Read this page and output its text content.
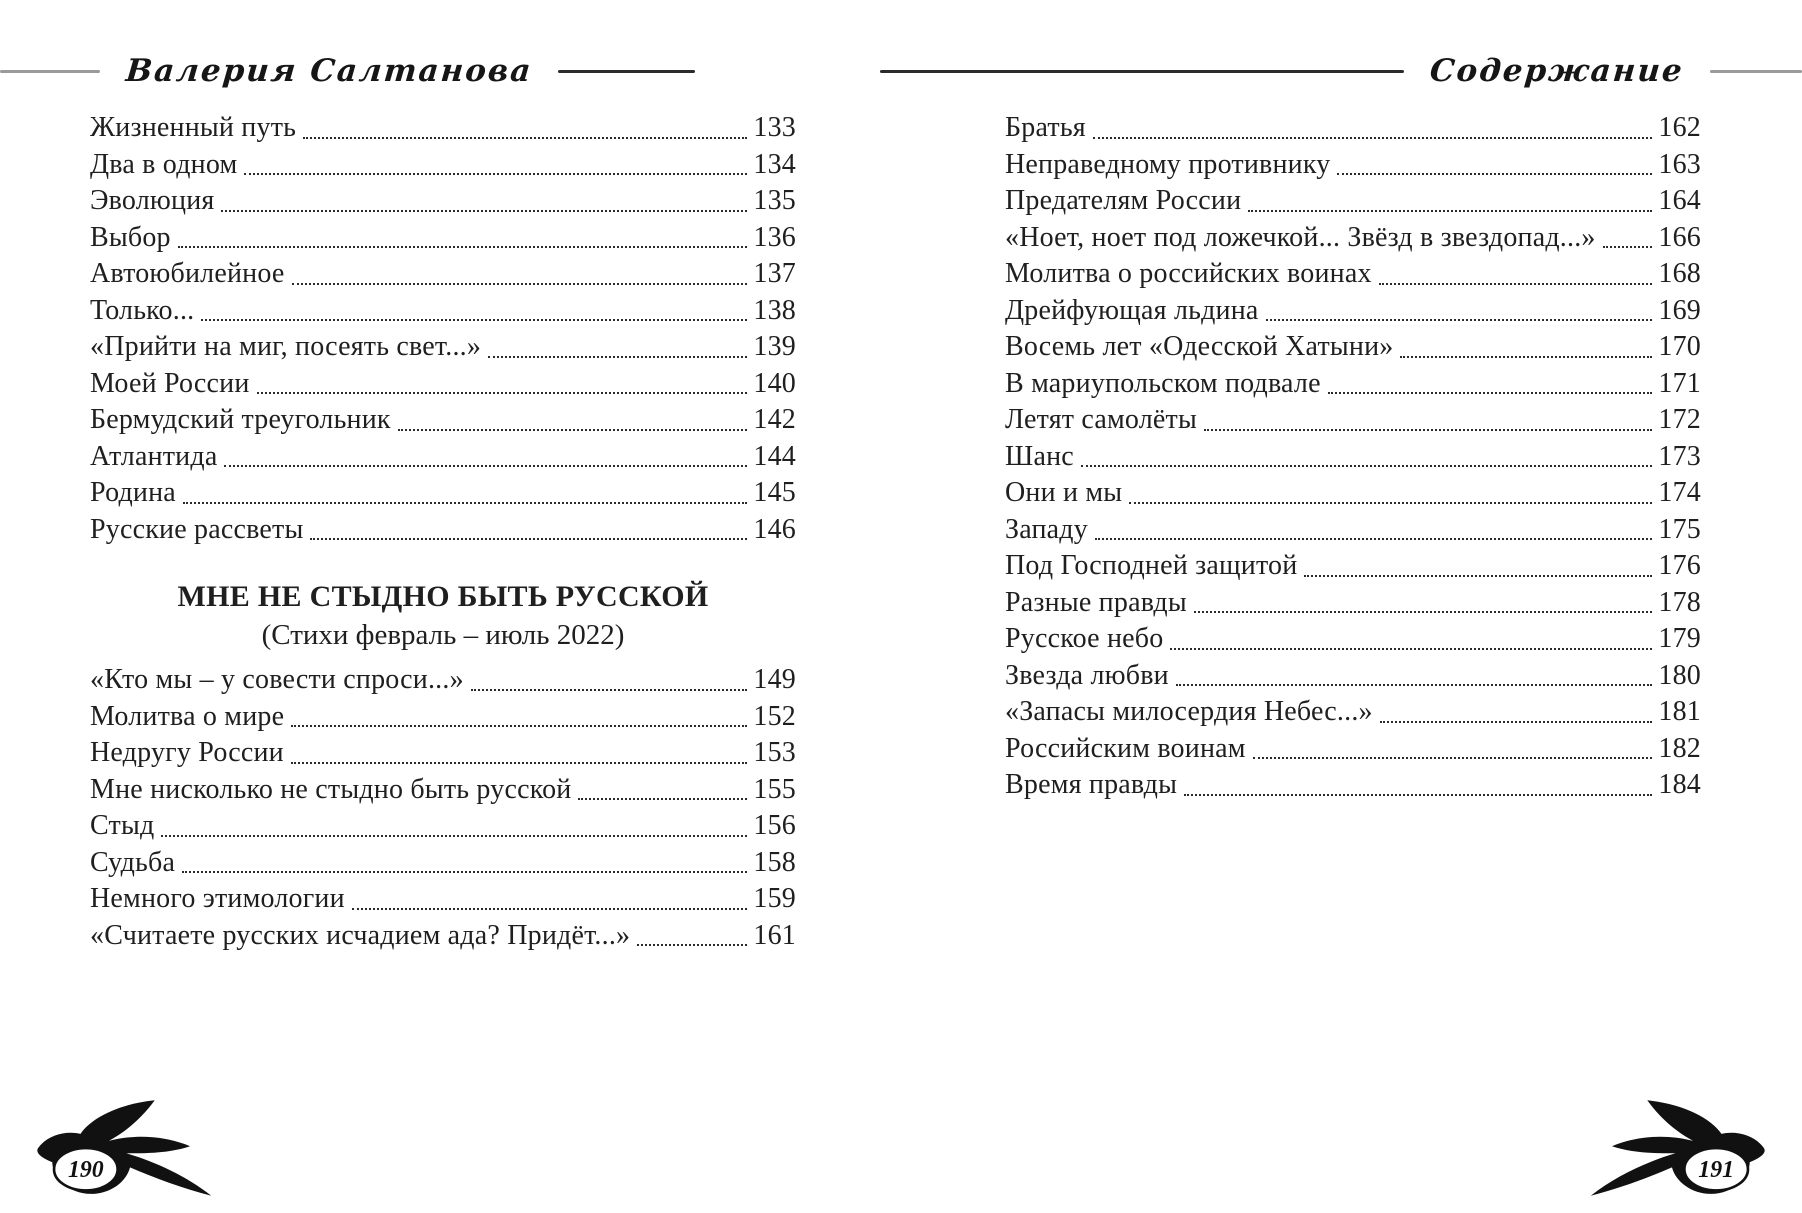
Валерия Салтанова	Содержание
Жизненный путь	133
Два в одном	134
Эволюция	135
Выбор	136
Автоюбилейное	137
Только...	138
«Прийти на миг, посеять свет...»	139
Моей России	140
Бермудский треугольник	142
Атлантида	144
Родина	145
Русские рассветы	146
МНЕ НЕ СТЫДНО БЫТЬ РУССКОЙ
(Стихи февраль – июль 2022)
«Кто мы – у совести спроси...»	149
Молитва о мире	152
Недругу России	153
Мне нисколько не стыдно быть русской	155
Стыд	156
Судьба	158
Немного этимологии	159
«Считаете русских исчадием ада? Придёт...»	161
Братья	162
Неправедному противнику	163
Предателям России	164
«Ноет, ноет под ложечкой... Звёзд в звездопад...» 166
Молитва о российских воинах	168
Дрейфующая льдина	169
Восемь лет «Одесской Хатыни»	170
В мариупольском подвале	171
Летят самолёты	172
Шанс	173
Они и мы	174
Западу	175
Под Господней защитой	176
Разные правды	178
Русское небо	179
Звезда любви	180
«Запасы милосердия Небес...»	181
Российским воинам	182
Время правды	184
190	191
